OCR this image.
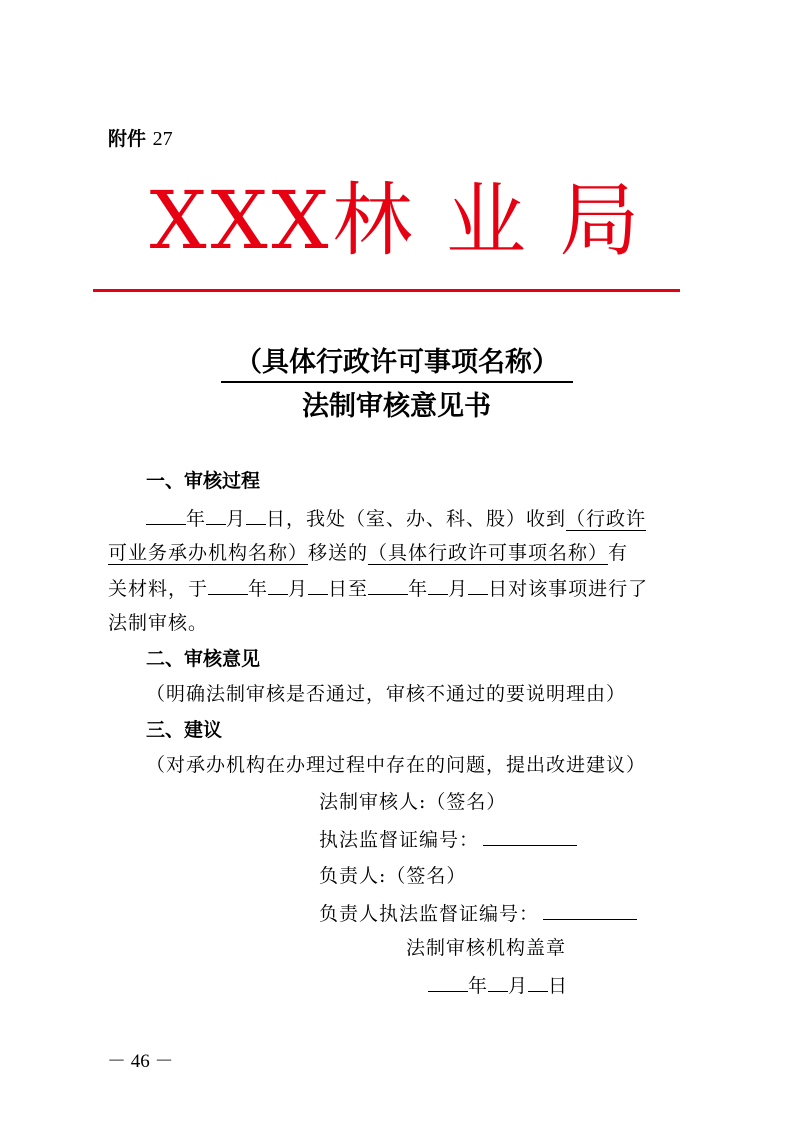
附件 27
XXX林 业 局
（具体行政许可事项名称）
法制审核意见书
一、审核过程
年 月 日，我处（室、办、科、股）收到（行政许
可业务承办机构名称）移送的（具体行政许可事项名称）有
关材料，于 年 月 日至 年 月 日对该事项进行了
法制审核。
二、审核意见
（明确法制审核是否通过，审核不通过的要说明理由）
三、建议
（对承办机构在办理过程中存在的问题，提出改进建议）
法制审核人:（签名）
执法监督证编号：
负责人:（签名）
负责人执法监督证编号：
法制审核机构盖章
年 月 日
－ 46 －
